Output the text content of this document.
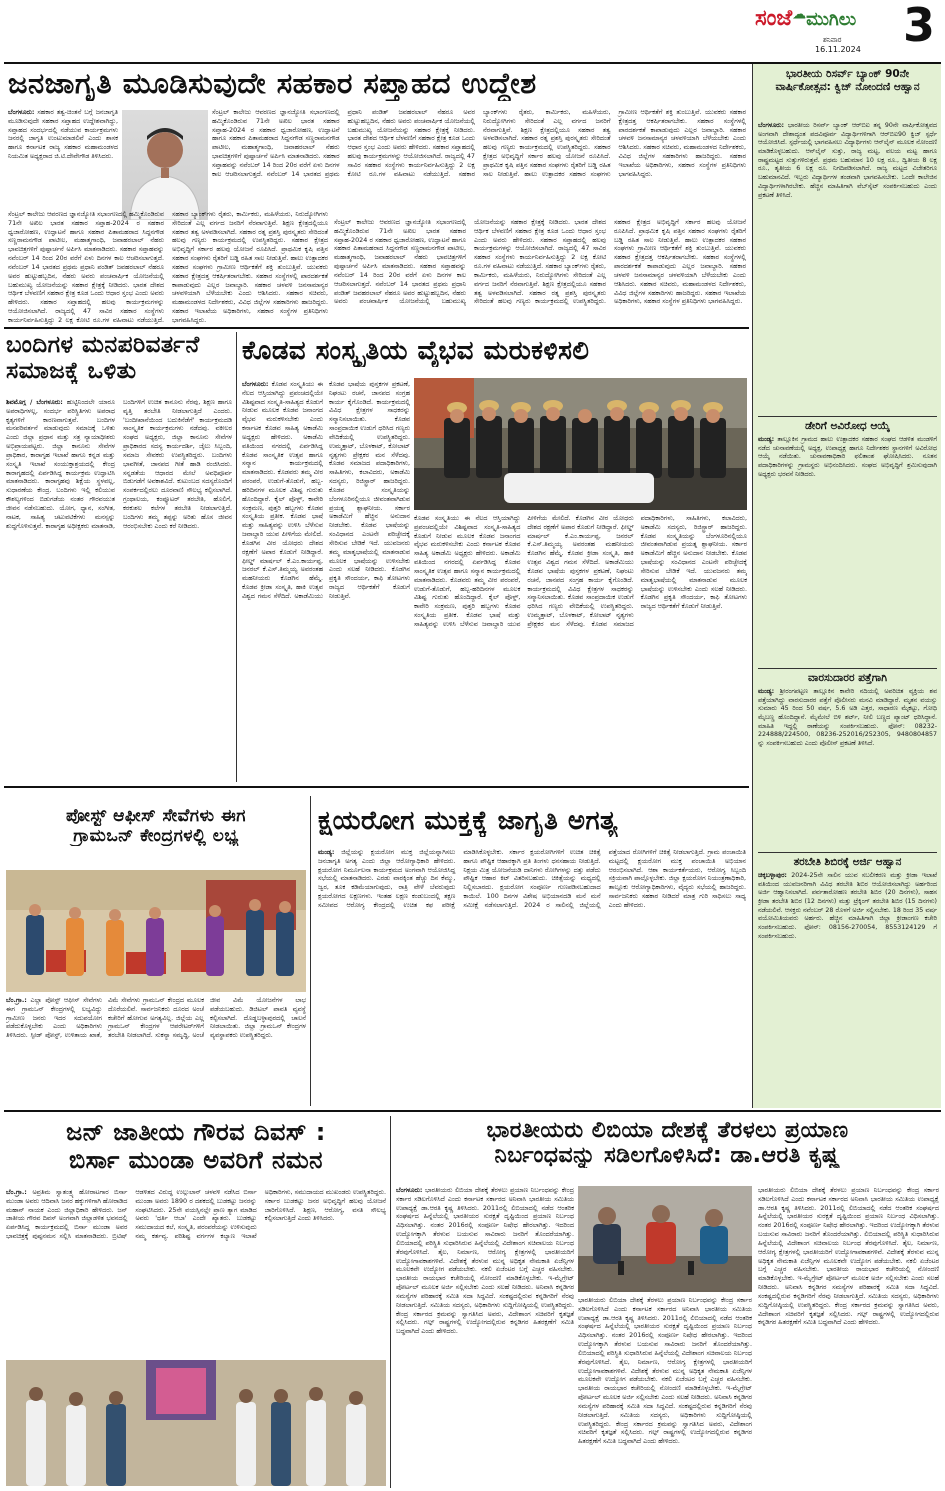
ಸಂಜೆ☁ಮುಗಿಲು
ಶನಿವಾರ
16.11.2024 3
ಜನಜಾಗೃತಿ ಮೂಡಿಸುವುದೇ ಸಹಕಾರ ಸಪ್ತಾಹದ ಉದ್ದೇಶ
ಬೆಂಗಳೂರು: ಸಹಕಾರ ತತ್ವ-ಚಿಂತನೆ ಬಗ್ಗೆ ಜನಜಾಗೃತಿ ಮೂಡಿಸುವುದೇ ಸಹಕಾರ ಸಪ್ತಾಹದ ಉದ್ದೇಶವಾಗಿದ್ದು, ಸಪ್ತಾಹದ ಸಂದರ್ಭದಲ್ಲಿ ನಡೆಯುವ ಕಾರ್ಯಕ್ರಮಗಳು ಜನರಲ್ಲಿ ಜಾಗೃತಿ ಉಂಟುಮಾಡಲಿವೆ ಎಂದು ಶಾಸಕ ಹಾಗೂ ಕರ್ನಾಟಕ ರಾಜ್ಯ ಸಹಕಾರ ಮಹಾಮಂಡಳದ ನಿಯಮಿತ ಅಧ್ಯಕ್ಷರಾದ ಜಿ.ಟಿ.ದೇವೇಗೌಡ ತಿಳಿಸಿದರು.
ಸೆಂಟ್ರಲ್ ಕಾಲೇಜು ಆವರಣದ ಜ್ಞಾನಜ್ಯೋತಿ ಸಭಾಂಗಣದಲ್ಲಿ ಹಮ್ಮಿಕೊಂಡಿರುವ 71ನೇ ಅಖಿಲ ಭಾರತ ಸಹಕಾರ ಸಪ್ತಾಹ-2024 ರ ಸಹಕಾರ ಧ್ವಜಾರೋಹಣ, ಉದ್ಘಾಟನೆ ಹಾಗೂ ಸಹಕಾರ ಪಿತಾಮಹರಾದ ಸಿದ್ದನಗೌಡ ಸಣ್ಣರಾಮನಗೌಡ ಪಾಟೀಲ, ಮಹಾತ್ಮಗಾಂಧಿ, ಜವಾಹರಲಾಲ್ ನೆಹರು ಭಾವಚಿತ್ರಗಳಿಗೆ ಪುಷ್ಪಾರ್ಚನೆ ಅರ್ಪಿಸಿ ಮಾತನಾಡಿದರು. ಸಹಕಾರ ಸಪ್ತಾಹವನ್ನು ನವೆಂಬರ್ 14 ರಿಂದ 20ರ ವರೆಗೆ ಏಳು ದಿನಗಳ ಕಾಲ ಆಚರಿಸಲಾಗುತ್ತದೆ. ನವೆಂಬರ್ 14 ಭಾರತದ ಪ್ರಥಮ ಪ್ರಧಾನಿ ಪಂಡಿತ್ ಜವಹರಲಾಲ್ ನೆಹರೂ ಅವರ ಹುಟ್ಟುಹಬ್ಬದಿನ, ನೆಹರು ಅವರು ಪಂಚವಾರ್ಷಿಕ ಯೋಜನೆಯಲ್ಲಿ ಬಹುಮುಖ್ಯ ಯೋಜನೆಯನ್ನು ಸಹಕಾರ ಕ್ಷೇತ್ರಕ್ಕೆ ನೀಡಿದರು. ಭಾರತ ದೇಶದ ಆರ್ಥಿಕ ಬೆಳವಣಿಗೆ ಸಹಕಾರ ಕ್ಷೇತ್ರ ಕೂಡ ಒಂದು ಆಧಾರ ಸ್ತಂಭ ಎಂದು ಅವರು ಹೇಳಿದರು. ಸಹಕಾರ ಸಪ್ತಾಹದಲ್ಲಿ ಹಲವು ಕಾರ್ಯಕ್ರಮಗಳನ್ನು ಆಯೋಜಿಸಲಾಗಿದೆ. ರಾಜ್ಯದಲ್ಲಿ 47 ಸಾವಿರ ಸಹಕಾರ ಸಂಸ್ಥೆಗಳು ಕಾರ್ಯನಿರ್ವಹಿಸುತ್ತಿದ್ದು 2 ಲಕ್ಷ ಕೋಟಿ ರೂ.ಗಳ ವಹಿವಾಟು ನಡೆಯುತ್ತಿದೆ. ಸಹಕಾರ ಬ್ಯಾಂಕ್‌ಗಳು ರೈತರು, ಕಾರ್ಮಿಕರು, ಮಹಿಳೆಯರು, ನಿರುದ್ಯೋಗಿಗಳು ಸೇರಿದಂತೆ ಎಲ್ಲ ವರ್ಗದ ಜನರಿಗೆ ನೆರವಾಗುತ್ತಿವೆ. ಶಿಕ್ಷಣ ಕ್ಷೇತ್ರದಲ್ಲಿಯೂ ಸಹಕಾರ ತತ್ವ ಅಳವಡಿಸಲಾಗಿದೆ. ಸಹಕಾರ ರತ್ನ ಪ್ರಶಸ್ತಿ ಪುರಸ್ಕೃತರು ಸೇರಿದಂತೆ ಹಲವು ಗಣ್ಯರು ಕಾರ್ಯಕ್ರಮದಲ್ಲಿ ಉಪಸ್ಥಿತರಿದ್ದರು. ಸಹಕಾರ ಕ್ಷೇತ್ರದ ಅಭಿವೃದ್ಧಿಗೆ ಸರ್ಕಾರ ಹಲವು ಯೋಜನೆ ರೂಪಿಸಿದೆ. ಪ್ರಾಥಮಿಕ ಕೃಷಿ ಪತ್ತಿನ ಸಹಕಾರ ಸಂಘಗಳು ರೈತರಿಗೆ ಬಡ್ಡಿ ರಹಿತ ಸಾಲ ನೀಡುತ್ತಿವೆ. ಹಾಲು ಉತ್ಪಾದಕರ ಸಹಕಾರ ಸಂಘಗಳು ಗ್ರಾಮೀಣ ಆರ್ಥಿಕತೆಗೆ ಶಕ್ತಿ ತುಂಬುತ್ತಿವೆ. ಯುವಕರು ಸಹಕಾರ ಕ್ಷೇತ್ರದತ್ತ ಆಕರ್ಷಿತರಾಗಬೇಕು. ಸಹಕಾರ ಸಂಸ್ಥೆಗಳಲ್ಲಿ ಪಾರದರ್ಶಕತೆ ಕಾಪಾಡುವುದು ಎಲ್ಲರ ಜವಾಬ್ದಾರಿ. ಸಹಕಾರ ಚಳವಳಿ ಜನಸಾಮಾನ್ಯರ ಚಳವಳಿಯಾಗಿ ಬೆಳೆಯಬೇಕು ಎಂದು ಆಶಿಸಿದರು. ಸಹಕಾರ ಸಚಿವರು, ಮಹಾಮಂಡಳದ ನಿರ್ದೇಶಕರು, ವಿವಿಧ ಜಿಲ್ಲೆಗಳ ಸಹಕಾರಿಗಳು ಹಾಜರಿದ್ದರು. ಸಹಕಾರ ಇಲಾಖೆಯ ಅಧಿಕಾರಿಗಳು, ಸಹಕಾರ ಸಂಸ್ಥೆಗಳ ಪ್ರತಿನಿಧಿಗಳು ಭಾಗವಹಿಸಿದ್ದರು.
ಸೆಂಟ್ರಲ್ ಕಾಲೇಜು ಆವರಣದ ಜ್ಞಾನಜ್ಯೋತಿ ಸಭಾಂಗಣದಲ್ಲಿ ಹಮ್ಮಿಕೊಂಡಿರುವ 71ನೇ ಅಖಿಲ ಭಾರತ ಸಹಕಾರ ಸಪ್ತಾಹ-2024 ರ ಸಹಕಾರ ಧ್ವಜಾರೋಹಣ, ಉದ್ಘಾಟನೆ ಹಾಗೂ ಸಹಕಾರ ಪಿತಾಮಹರಾದ ಸಿದ್ದನಗೌಡ ಸಣ್ಣರಾಮನಗೌಡ ಪಾಟೀಲ, ಮಹಾತ್ಮಗಾಂಧಿ, ಜವಾಹರಲಾಲ್ ನೆಹರು ಭಾವಚಿತ್ರಗಳಿಗೆ ಪುಷ್ಪಾರ್ಚನೆ ಅರ್ಪಿಸಿ ಮಾತನಾಡಿದರು. ಸಹಕಾರ ಸಪ್ತಾಹವನ್ನು ನವೆಂಬರ್ 14 ರಿಂದ 20ರ ವರೆಗೆ ಏಳು ದಿನಗಳ ಕಾಲ ಆಚರಿಸಲಾಗುತ್ತದೆ. ನವೆಂಬರ್ 14 ಭಾರತದ ಪ್ರಥಮ ಪ್ರಧಾನಿ ಪಂಡಿತ್ ಜವಹರಲಾಲ್ ನೆಹರೂ ಅವರ ಹುಟ್ಟುಹಬ್ಬದಿನ, ನೆಹರು ಅವರು ಪಂಚವಾರ್ಷಿಕ ಯೋಜನೆಯಲ್ಲಿ ಬಹುಮುಖ್ಯ ಯೋಜನೆಯನ್ನು ಸಹಕಾರ ಕ್ಷೇತ್ರಕ್ಕೆ ನೀಡಿದರು. ಭಾರತ ದೇಶದ ಆರ್ಥಿಕ ಬೆಳವಣಿಗೆ ಸಹಕಾರ ಕ್ಷೇತ್ರ ಕೂಡ ಒಂದು ಆಧಾರ ಸ್ತಂಭ ಎಂದು ಅವರು ಹೇಳಿದರು. ಸಹಕಾರ ಸಪ್ತಾಹದಲ್ಲಿ ಹಲವು ಕಾರ್ಯಕ್ರಮಗಳನ್ನು ಆಯೋಜಿಸಲಾಗಿದೆ. ರಾಜ್ಯದಲ್ಲಿ 47 ಸಾವಿರ ಸಹಕಾರ ಸಂಸ್ಥೆಗಳು ಕಾರ್ಯನಿರ್ವಹಿಸುತ್ತಿದ್ದು 2 ಲಕ್ಷ ಕೋಟಿ ರೂ.ಗಳ ವಹಿವಾಟು ನಡೆಯುತ್ತಿದೆ. ಸಹಕಾರ ಬ್ಯಾಂಕ್‌ಗಳು ರೈತರು, ಕಾರ್ಮಿಕರು, ಮಹಿಳೆಯರು, ನಿರುದ್ಯೋಗಿಗಳು ಸೇರಿದಂತೆ ಎಲ್ಲ ವರ್ಗದ ಜನರಿಗೆ ನೆರವಾಗುತ್ತಿವೆ. ಶಿಕ್ಷಣ ಕ್ಷೇತ್ರದಲ್ಲಿಯೂ ಸಹಕಾರ ತತ್ವ ಅಳವಡಿಸಲಾಗಿದೆ. ಸಹಕಾರ ರತ್ನ ಪ್ರಶಸ್ತಿ ಪುರಸ್ಕೃತರು ಸೇರಿದಂತೆ ಹಲವು ಗಣ್ಯರು ಕಾರ್ಯಕ್ರಮದಲ್ಲಿ ಉಪಸ್ಥಿತರಿದ್ದರು. ಸಹಕಾರ ಕ್ಷೇತ್ರದ ಅಭಿವೃದ್ಧಿಗೆ ಸರ್ಕಾರ ಹಲವು ಯೋಜನೆ ರೂಪಿಸಿದೆ. ಪ್ರಾಥಮಿಕ ಕೃಷಿ ಪತ್ತಿನ ಸಹಕಾರ ಸಂಘಗಳು ರೈತರಿಗೆ ಬಡ್ಡಿ ರಹಿತ ಸಾಲ ನೀಡುತ್ತಿವೆ. ಹಾಲು ಉತ್ಪಾದಕರ ಸಹಕಾರ ಸಂಘಗಳು ಗ್ರಾಮೀಣ ಆರ್ಥಿಕತೆಗೆ ಶಕ್ತಿ ತುಂಬುತ್ತಿವೆ. ಯುವಕರು ಸಹಕಾರ ಕ್ಷೇತ್ರದತ್ತ ಆಕರ್ಷಿತರಾಗಬೇಕು. ಸಹಕಾರ ಸಂಸ್ಥೆಗಳಲ್ಲಿ ಪಾರದರ್ಶಕತೆ ಕಾಪಾಡುವುದು ಎಲ್ಲರ ಜವಾಬ್ದಾರಿ. ಸಹಕಾರ ಚಳವಳಿ ಜನಸಾಮಾನ್ಯರ ಚಳವಳಿಯಾಗಿ ಬೆಳೆಯಬೇಕು ಎಂದು ಆಶಿಸಿದರು. ಸಹಕಾರ ಸಚಿವರು, ಮಹಾಮಂಡಳದ ನಿರ್ದೇಶಕರು, ವಿವಿಧ ಜಿಲ್ಲೆಗಳ ಸಹಕಾರಿಗಳು ಹಾಜರಿದ್ದರು. ಸಹಕಾರ ಇಲಾಖೆಯ ಅಧಿಕಾರಿಗಳು, ಸಹಕಾರ ಸಂಸ್ಥೆಗಳ ಪ್ರತಿನಿಧಿಗಳು ಭಾಗವಹಿಸಿದ್ದರು.
ಸೆಂಟ್ರಲ್ ಕಾಲೇಜು ಆವರಣದ ಜ್ಞಾನಜ್ಯೋತಿ ಸಭಾಂಗಣದಲ್ಲಿ ಹಮ್ಮಿಕೊಂಡಿರುವ 71ನೇ ಅಖಿಲ ಭಾರತ ಸಹಕಾರ ಸಪ್ತಾಹ-2024 ರ ಸಹಕಾರ ಧ್ವಜಾರೋಹಣ, ಉದ್ಘಾಟನೆ ಹಾಗೂ ಸಹಕಾರ ಪಿತಾಮಹರಾದ ಸಿದ್ದನಗೌಡ ಸಣ್ಣರಾಮನಗೌಡ ಪಾಟೀಲ, ಮಹಾತ್ಮಗಾಂಧಿ, ಜವಾಹರಲಾಲ್ ನೆಹರು ಭಾವಚಿತ್ರಗಳಿಗೆ ಪುಷ್ಪಾರ್ಚನೆ ಅರ್ಪಿಸಿ ಮಾತನಾಡಿದರು. ಸಹಕಾರ ಸಪ್ತಾಹವನ್ನು ನವೆಂಬರ್ 14 ರಿಂದ 20ರ ವರೆಗೆ ಏಳು ದಿನಗಳ ಕಾಲ ಆಚರಿಸಲಾಗುತ್ತದೆ. ನವೆಂಬರ್ 14 ಭಾರತದ ಪ್ರಥಮ ಪ್ರಧಾನಿ ಪಂಡಿತ್ ಜವಹರಲಾಲ್ ನೆಹರೂ ಅವರ ಹುಟ್ಟುಹಬ್ಬದಿನ, ನೆಹರು ಅವರು ಪಂಚವಾರ್ಷಿಕ ಯೋಜನೆಯಲ್ಲಿ ಬಹುಮುಖ್ಯ ಯೋಜನೆಯನ್ನು ಸಹಕಾರ ಕ್ಷೇತ್ರಕ್ಕೆ ನೀಡಿದರು. ಭಾರತ ದೇಶದ ಆರ್ಥಿಕ ಬೆಳವಣಿಗೆ ಸಹಕಾರ ಕ್ಷೇತ್ರ ಕೂಡ ಒಂದು ಆಧಾರ ಸ್ತಂಭ ಎಂದು ಅವರು ಹೇಳಿದರು. ಸಹಕಾರ ಸಪ್ತಾಹದಲ್ಲಿ ಹಲವು ಕಾರ್ಯಕ್ರಮಗಳನ್ನು ಆಯೋಜಿಸಲಾಗಿದೆ. ರಾಜ್ಯದಲ್ಲಿ 47 ಸಾವಿರ ಸಹಕಾರ ಸಂಸ್ಥೆಗಳು ಕಾರ್ಯನಿರ್ವಹಿಸುತ್ತಿದ್ದು 2 ಲಕ್ಷ ಕೋಟಿ ರೂ.ಗಳ ವಹಿವಾಟು ನಡೆಯುತ್ತಿದೆ. ಸಹಕಾರ ಬ್ಯಾಂಕ್‌ಗಳು ರೈತರು, ಕಾರ್ಮಿಕರು, ಮಹಿಳೆಯರು, ನಿರುದ್ಯೋಗಿಗಳು ಸೇರಿದಂತೆ ಎಲ್ಲ ವರ್ಗದ ಜನರಿಗೆ ನೆರವಾಗುತ್ತಿವೆ. ಶಿಕ್ಷಣ ಕ್ಷೇತ್ರದಲ್ಲಿಯೂ ಸಹಕಾರ ತತ್ವ ಅಳವಡಿಸಲಾಗಿದೆ. ಸಹಕಾರ ರತ್ನ ಪ್ರಶಸ್ತಿ ಪುರಸ್ಕೃತರು ಸೇರಿದಂತೆ ಹಲವು ಗಣ್ಯರು ಕಾರ್ಯಕ್ರಮದಲ್ಲಿ ಉಪಸ್ಥಿತರಿದ್ದರು. ಸಹಕಾರ ಕ್ಷೇತ್ರದ ಅಭಿವೃದ್ಧಿಗೆ ಸರ್ಕಾರ ಹಲವು ಯೋಜನೆ ರೂಪಿಸಿದೆ. ಪ್ರಾಥಮಿಕ ಕೃಷಿ ಪತ್ತಿನ ಸಹಕಾರ ಸಂಘಗಳು ರೈತರಿಗೆ ಬಡ್ಡಿ ರಹಿತ ಸಾಲ ನೀಡುತ್ತಿವೆ. ಹಾಲು ಉತ್ಪಾದಕರ ಸಹಕಾರ ಸಂಘಗಳು ಗ್ರಾಮೀಣ ಆರ್ಥಿಕತೆಗೆ ಶಕ್ತಿ ತುಂಬುತ್ತಿವೆ. ಯುವಕರು ಸಹಕಾರ ಕ್ಷೇತ್ರದತ್ತ ಆಕರ್ಷಿತರಾಗಬೇಕು. ಸಹಕಾರ ಸಂಸ್ಥೆಗಳಲ್ಲಿ ಪಾರದರ್ಶಕತೆ ಕಾಪಾಡುವುದು ಎಲ್ಲರ ಜವಾಬ್ದಾರಿ. ಸಹಕಾರ ಚಳವಳಿ ಜನಸಾಮಾನ್ಯರ ಚಳವಳಿಯಾಗಿ ಬೆಳೆಯಬೇಕು ಎಂದು ಆಶಿಸಿದರು. ಸಹಕಾರ ಸಚಿವರು, ಮಹಾಮಂಡಳದ ನಿರ್ದೇಶಕರು, ವಿವಿಧ ಜಿಲ್ಲೆಗಳ ಸಹಕಾರಿಗಳು ಹಾಜರಿದ್ದರು. ಸಹಕಾರ ಇಲಾಖೆಯ ಅಧಿಕಾರಿಗಳು, ಸಹಕಾರ ಸಂಸ್ಥೆಗಳ ಪ್ರತಿನಿಧಿಗಳು ಭಾಗವಹಿಸಿದ್ದರು.
ಬಂದಿಗಳ ಮನಪರಿವರ್ತನೆ
ಸಮಾಜಕ್ಕೆ ಒಳಿತು
ಶಿವಮೊಗ್ಗ / ಬೆಂಗಳೂರು: ಹುಟ್ಟಿನಿಂದಲೇ ಯಾರೂ ಅಪರಾಧಿಗಳಲ್ಲ, ಸಂದರ್ಭ ಪರಿಸ್ಥಿತಿಗಳು ಅಪರಾಧ ಕೃತ್ಯಗಳಿಗೆ ಕಾರಣವಾಗುತ್ತವೆ. ಬಂದಿಗಳ ಮನಪರಿವರ್ತನೆ ಮಾಡುವುದು ಸಮಾಜಕ್ಕೆ ಒಳಿತು ಎಂದು ಜಿಲ್ಲಾ ಪ್ರಧಾನ ಮತ್ತು ಸತ್ರ ನ್ಯಾಯಾಧೀಶರು ಅಭಿಪ್ರಾಯಪಟ್ಟರು. ಜಿಲ್ಲಾ ಕಾನೂನು ಸೇವೆಗಳ ಪ್ರಾಧಿಕಾರ, ಕಾರಾಗೃಹ ಇಲಾಖೆ ಹಾಗೂ ಕನ್ನಡ ಮತ್ತು ಸಂಸ್ಕೃತಿ ಇಲಾಖೆ ಸಂಯುಕ್ತಾಶ್ರಯದಲ್ಲಿ ಕೇಂದ್ರ ಕಾರಾಗೃಹದಲ್ಲಿ ಏರ್ಪಡಿಸಿದ್ದ ಕಾರ್ಯಕ್ರಮ ಉದ್ಘಾಟಿಸಿ ಮಾತನಾಡಿದರು. ಕಾರಾಗೃಹವು ಶಿಕ್ಷೆಯ ಸ್ಥಳವಲ್ಲ, ಸುಧಾರಣೆಯ ಕೇಂದ್ರ. ಬಂದಿಗಳು ಇಲ್ಲಿ ಕಲಿಯುವ ಕೌಶಲ್ಯಗಳಿಂದ ಬಿಡುಗಡೆಯ ನಂತರ ಗೌರವಯುತ ಜೀವನ ನಡೆಸಬಹುದು. ಯೋಗ, ಧ್ಯಾನ, ಸಂಗೀತ, ನಾಟಕ, ಸಾಹಿತ್ಯ ಚಟುವಟಿಕೆಗಳು ಮನಸ್ಸನ್ನು ಶುದ್ಧಗೊಳಿಸುತ್ತವೆ. ಕಾರಾಗೃಹ ಅಧೀಕ್ಷಕರು ಮಾತನಾಡಿ, ಬಂದಿಗಳಿಗೆ ಉಚಿತ ಕಾನೂನು ನೆರವು, ಶಿಕ್ಷಣ ಹಾಗೂ ವೃತ್ತಿ ತರಬೇತಿ ನೀಡಲಾಗುತ್ತಿದೆ ಎಂದರು. 'ಬಂದೀಖಾನೆಯಿಂದ ಬದುಕಿನೆಡೆಗೆ' ಕಾರ್ಯಕ್ರಮದಡಿ ಸಾಂಸ್ಕೃತಿಕ ಕಾರ್ಯಕ್ರಮಗಳು ನಡೆದವು. ವಕೀಲರ ಸಂಘದ ಅಧ್ಯಕ್ಷರು, ಜಿಲ್ಲಾ ಕಾನೂನು ಸೇವೆಗಳ ಪ್ರಾಧಿಕಾರದ ಸದಸ್ಯ ಕಾರ್ಯದರ್ಶಿ, ಜೈಲು ಸಿಬ್ಬಂದಿ, ಸಮಾಜ ಸೇವಕರು ಉಪಸ್ಥಿತರಿದ್ದರು. ಬಂದಿಗಳು ಭಾವಗೀತೆ, ಜಾನಪದ ಗೀತೆ ಹಾಡಿ ರಂಜಿಸಿದರು. ಸನ್ನಡತೆಯ ಆಧಾರದ ಮೇಲೆ ಅವಧಿಪೂರ್ವ ಬಿಡುಗಡೆಗೆ ಅವಕಾಶವಿದೆ. ಕುಟುಂಬದ ಸದಸ್ಯರೊಂದಿಗೆ ಸಂಪರ್ಕದಲ್ಲಿರಲು ದೂರವಾಣಿ ಸೌಲಭ್ಯ ಕಲ್ಪಿಸಲಾಗಿದೆ. ಗ್ರಂಥಾಲಯ, ಕಂಪ್ಯೂಟರ್ ತರಬೇತಿ, ಹೊಲಿಗೆ, ಕರಕುಶಲ ಕಲೆಗಳ ತರಬೇತಿ ನೀಡಲಾಗುತ್ತಿದೆ. ಬಂದಿಗಳು ತಮ್ಮ ತಪ್ಪನ್ನು ಅರಿತು ಹೊಸ ಜೀವನ ಆರಂಭಿಸಬೇಕು ಎಂದು ಕರೆ ನೀಡಿದರು.
ಕೊಡವ ಸಂಸ್ಕೃತಿಯ ವೈಭವ ಮರುಕಳಿಸಲಿ
ಬೆಂಗಳೂರು: ಕೊಡವ ಸಂಸ್ಕೃತಿಯು ಈ ನೆಲದ ಆಸ್ತಿಯಾಗಿದ್ದು ಪ್ರಪಂಚದಲ್ಲಿಯೇ ವಿಶಿಷ್ಟವಾದ ಸಂಸ್ಕೃತಿ-ಸಾಹಿತ್ಯದ ಕೊಡುಗೆ ನೀಡುವ ಮೂಲಕ ಕೊಡವ ಜನಾಂಗದ ವೈಭವ ಮರುಕಳಿಸಬೇಕು ಎಂದು ಕರ್ನಾಟಕ ಕೊಡವ ಸಾಹಿತ್ಯ ಅಕಾಡೆಮಿ ಅಧ್ಯಕ್ಷರು ಹೇಳಿದರು. ಅಕಾಡೆಮಿ ವತಿಯಿಂದ ನಗರದಲ್ಲಿ ಏರ್ಪಡಿಸಿದ್ದ ಕೊಡವ ಸಾಂಸ್ಕೃತಿಕ ಉತ್ಸವ ಹಾಗೂ ಸನ್ಮಾನ ಕಾರ್ಯಕ್ರಮದಲ್ಲಿ ಮಾತನಾಡಿದರು. ಕೊಡವರು ತಮ್ಮ ವೀರ ಪರಂಪರೆ, ಉಡುಗೆ-ತೊಡುಗೆ, ಹಬ್ಬ-ಹರಿದಿನಗಳ ಮೂಲಕ ವಿಶಿಷ್ಟ ಗುರುತು ಹೊಂದಿದ್ದಾರೆ. ಕೈಲ್ ಪೊಳ್ದ್, ಕಾವೇರಿ ಸಂಕ್ರಮಣ, ಪುತ್ತರಿ ಹಬ್ಬಗಳು ಕೊಡವ ಸಂಸ್ಕೃತಿಯ ಪ್ರತೀಕ. ಕೊಡವ ಭಾಷೆ ಮತ್ತು ಸಾಹಿತ್ಯವನ್ನು ಉಳಿಸಿ ಬೆಳೆಸುವ ಜವಾಬ್ದಾರಿ ಯುವ ಪೀಳಿಗೆಯ ಮೇಲಿದೆ. ಕೊಡಗಿನ ವೀರ ಯೋಧರು ದೇಶದ ರಕ್ಷಣೆಗೆ ಅಪಾರ ಕೊಡುಗೆ ನೀಡಿದ್ದಾರೆ. ಫೀಲ್ಡ್ ಮಾರ್ಷಲ್ ಕೆ.ಎಂ.ಕಾರ್ಯಪ್ಪ, ಜನರಲ್ ಕೆ.ಎಸ್.ತಿಮ್ಮಯ್ಯ ಅವರಂತಹ ಮಹನೀಯರು ಕೊಡಗಿನ ಹೆಮ್ಮೆ. ಕೊಡವ ಕ್ರೀಡಾ ಸಂಸ್ಕೃತಿ, ಹಾಕಿ ಉತ್ಸವ ವಿಶ್ವದ ಗಮನ ಸೆಳೆದಿದೆ. ಅಕಾಡೆಮಿಯು ಕೊಡವ ಭಾಷೆಯ ಪುಸ್ತಕಗಳ ಪ್ರಕಟಣೆ, ನಿಘಂಟು ರಚನೆ, ಜಾನಪದ ಸಂಗ್ರಹ ಕಾರ್ಯ ಕೈಗೊಂಡಿದೆ. ಕಾರ್ಯಕ್ರಮದಲ್ಲಿ ವಿವಿಧ ಕ್ಷೇತ್ರಗಳ ಸಾಧಕರನ್ನು ಸನ್ಮಾನಿಸಲಾಯಿತು. ಕೊಡವ ಸಾಂಪ್ರದಾಯಿಕ ಉಡುಗೆ ಧರಿಸಿದ ಗಣ್ಯರು ವೇದಿಕೆಯಲ್ಲಿ ಉಪಸ್ಥಿತರಿದ್ದರು. ಉಮ್ಮತ್ತಾಟ್, ಬೊಳಕಾಟ್, ಕೋಲಾಟ್ ನೃತ್ಯಗಳು ಪ್ರೇಕ್ಷಕರ ಮನ ಸೆಳೆದವು. ಕೊಡವ ಸಮಾಜದ ಪದಾಧಿಕಾರಿಗಳು, ಸಾಹಿತಿಗಳು, ಕಲಾವಿದರು, ಅಕಾಡೆಮಿ ಸದಸ್ಯರು, ರಿಜಿಸ್ಟ್ರಾರ್ ಹಾಜರಿದ್ದರು. ಕೊಡವ ಸಂಸ್ಕೃತಿಯನ್ನು ಬೆಂಗಳೂರಿನಲ್ಲಿಯೂ ಜೀವಂತವಾಗಿಡುವ ಪ್ರಯತ್ನ ಶ್ಲಾಘನೀಯ. ಸರ್ಕಾರ ಅಕಾಡೆಮಿಗೆ ಹೆಚ್ಚಿನ ಅನುದಾನ ನೀಡಬೇಕು. ಕೊಡವ ಭಾಷೆಯನ್ನು ಸಂವಿಧಾನದ ಎಂಟನೇ ಪರಿಚ್ಛೇದಕ್ಕೆ ಸೇರಿಸುವ ಬೇಡಿಕೆ ಇದೆ. ಯುವಜನರು ತಮ್ಮ ಮಾತೃಭಾಷೆಯಲ್ಲಿ ಮಾತನಾಡುವ ಮೂಲಕ ಭಾಷೆಯನ್ನು ಉಳಿಸಬೇಕು ಎಂದು ಸಲಹೆ ನೀಡಿದರು. ಕೊಡಗಿನ ಪ್ರಕೃತಿ ಸೌಂದರ್ಯ, ಕಾಫಿ ತೋಟಗಳು ರಾಜ್ಯದ ಆರ್ಥಿಕತೆಗೆ ಕೊಡುಗೆ ನೀಡುತ್ತಿವೆ.
ಕೊಡವ ಸಂಸ್ಕೃತಿಯು ಈ ನೆಲದ ಆಸ್ತಿಯಾಗಿದ್ದು ಪ್ರಪಂಚದಲ್ಲಿಯೇ ವಿಶಿಷ್ಟವಾದ ಸಂಸ್ಕೃತಿ-ಸಾಹಿತ್ಯದ ಕೊಡುಗೆ ನೀಡುವ ಮೂಲಕ ಕೊಡವ ಜನಾಂಗದ ವೈಭವ ಮರುಕಳಿಸಬೇಕು ಎಂದು ಕರ್ನಾಟಕ ಕೊಡವ ಸಾಹಿತ್ಯ ಅಕಾಡೆಮಿ ಅಧ್ಯಕ್ಷರು ಹೇಳಿದರು. ಅಕಾಡೆಮಿ ವತಿಯಿಂದ ನಗರದಲ್ಲಿ ಏರ್ಪಡಿಸಿದ್ದ ಕೊಡವ ಸಾಂಸ್ಕೃತಿಕ ಉತ್ಸವ ಹಾಗೂ ಸನ್ಮಾನ ಕಾರ್ಯಕ್ರಮದಲ್ಲಿ ಮಾತನಾಡಿದರು. ಕೊಡವರು ತಮ್ಮ ವೀರ ಪರಂಪರೆ, ಉಡುಗೆ-ತೊಡುಗೆ, ಹಬ್ಬ-ಹರಿದಿನಗಳ ಮೂಲಕ ವಿಶಿಷ್ಟ ಗುರುತು ಹೊಂದಿದ್ದಾರೆ. ಕೈಲ್ ಪೊಳ್ದ್, ಕಾವೇರಿ ಸಂಕ್ರಮಣ, ಪುತ್ತರಿ ಹಬ್ಬಗಳು ಕೊಡವ ಸಂಸ್ಕೃತಿಯ ಪ್ರತೀಕ. ಕೊಡವ ಭಾಷೆ ಮತ್ತು ಸಾಹಿತ್ಯವನ್ನು ಉಳಿಸಿ ಬೆಳೆಸುವ ಜವಾಬ್ದಾರಿ ಯುವ ಪೀಳಿಗೆಯ ಮೇಲಿದೆ. ಕೊಡಗಿನ ವೀರ ಯೋಧರು ದೇಶದ ರಕ್ಷಣೆಗೆ ಅಪಾರ ಕೊಡುಗೆ ನೀಡಿದ್ದಾರೆ. ಫೀಲ್ಡ್ ಮಾರ್ಷಲ್ ಕೆ.ಎಂ.ಕಾರ್ಯಪ್ಪ, ಜನರಲ್ ಕೆ.ಎಸ್.ತಿಮ್ಮಯ್ಯ ಅವರಂತಹ ಮಹನೀಯರು ಕೊಡಗಿನ ಹೆಮ್ಮೆ. ಕೊಡವ ಕ್ರೀಡಾ ಸಂಸ್ಕೃತಿ, ಹಾಕಿ ಉತ್ಸವ ವಿಶ್ವದ ಗಮನ ಸೆಳೆದಿದೆ. ಅಕಾಡೆಮಿಯು ಕೊಡವ ಭಾಷೆಯ ಪುಸ್ತಕಗಳ ಪ್ರಕಟಣೆ, ನಿಘಂಟು ರಚನೆ, ಜಾನಪದ ಸಂಗ್ರಹ ಕಾರ್ಯ ಕೈಗೊಂಡಿದೆ. ಕಾರ್ಯಕ್ರಮದಲ್ಲಿ ವಿವಿಧ ಕ್ಷೇತ್ರಗಳ ಸಾಧಕರನ್ನು ಸನ್ಮಾನಿಸಲಾಯಿತು. ಕೊಡವ ಸಾಂಪ್ರದಾಯಿಕ ಉಡುಗೆ ಧರಿಸಿದ ಗಣ್ಯರು ವೇದಿಕೆಯಲ್ಲಿ ಉಪಸ್ಥಿತರಿದ್ದರು. ಉಮ್ಮತ್ತಾಟ್, ಬೊಳಕಾಟ್, ಕೋಲಾಟ್ ನೃತ್ಯಗಳು ಪ್ರೇಕ್ಷಕರ ಮನ ಸೆಳೆದವು. ಕೊಡವ ಸಮಾಜದ ಪದಾಧಿಕಾರಿಗಳು, ಸಾಹಿತಿಗಳು, ಕಲಾವಿದರು, ಅಕಾಡೆಮಿ ಸದಸ್ಯರು, ರಿಜಿಸ್ಟ್ರಾರ್ ಹಾಜರಿದ್ದರು. ಕೊಡವ ಸಂಸ್ಕೃತಿಯನ್ನು ಬೆಂಗಳೂರಿನಲ್ಲಿಯೂ ಜೀವಂತವಾಗಿಡುವ ಪ್ರಯತ್ನ ಶ್ಲಾಘನೀಯ. ಸರ್ಕಾರ ಅಕಾಡೆಮಿಗೆ ಹೆಚ್ಚಿನ ಅನುದಾನ ನೀಡಬೇಕು. ಕೊಡವ ಭಾಷೆಯನ್ನು ಸಂವಿಧಾನದ ಎಂಟನೇ ಪರಿಚ್ಛೇದಕ್ಕೆ ಸೇರಿಸುವ ಬೇಡಿಕೆ ಇದೆ. ಯುವಜನರು ತಮ್ಮ ಮಾತೃಭಾಷೆಯಲ್ಲಿ ಮಾತನಾಡುವ ಮೂಲಕ ಭಾಷೆಯನ್ನು ಉಳಿಸಬೇಕು ಎಂದು ಸಲಹೆ ನೀಡಿದರು. ಕೊಡಗಿನ ಪ್ರಕೃತಿ ಸೌಂದರ್ಯ, ಕಾಫಿ ತೋಟಗಳು ರಾಜ್ಯದ ಆರ್ಥಿಕತೆಗೆ ಕೊಡುಗೆ ನೀಡುತ್ತಿವೆ.
ಪೋಸ್ಟ್ ಆಫೀಸ್ ಸೇವೆಗಳು ಈಗ
ಗ್ರಾಮಒನ್ ಕೇಂದ್ರಗಳಲ್ಲಿ ಲಭ್ಯ
ಬೆಂ.ಗ್ರಾ.: ಎಲ್ಲಾ ಪೋಸ್ಟ್ ಆಫೀಸ್ ಸೇವೆಗಳು ಈಗ ಗ್ರಾಮಒನ್ ಕೇಂದ್ರಗಳಲ್ಲಿ ಲಭ್ಯವಿದ್ದು ಗ್ರಾಮೀಣ ಜನರು ಇದರ ಸದುಪಯೋಗ ಪಡೆದುಕೊಳ್ಳಬೇಕು ಎಂದು ಅಧಿಕಾರಿಗಳು ತಿಳಿಸಿದರು. ಸ್ಪೀಡ್ ಪೋಸ್ಟ್, ಉಳಿತಾಯ ಖಾತೆ, ವಿಮೆ ಸೇವೆಗಳು ಗ್ರಾಮಒನ್ ಕೇಂದ್ರದ ಮೂಲಕ ದೊರೆಯಲಿವೆ. ಸಾರ್ವಜನಿಕರು ದೂರದ ಅಂಚೆ ಕಚೇರಿಗೆ ಹೋಗುವ ಅಗತ್ಯವಿಲ್ಲ. ಜಿಲ್ಲೆಯ ಎಲ್ಲ ಗ್ರಾಮಒನ್ ಕೇಂದ್ರಗಳ ಆಪರೇಟರ್‌ಗಳಿಗೆ ತರಬೇತಿ ನೀಡಲಾಗಿದೆ. ಸುಕನ್ಯಾ ಸಮೃದ್ಧಿ, ಅಂಚೆ ಜೀವ ವಿಮೆ ಯೋಜನೆಗಳ ಲಾಭ ಪಡೆಯಬಹುದು. ಡಿಜಿಟಲ್ ಪಾವತಿ ವ್ಯವಸ್ಥೆ ಕಲ್ಪಿಸಲಾಗಿದೆ. ದೊಡ್ಡಬಳ್ಳಾಪುರದಲ್ಲಿ ಚಾಲನೆ ನೀಡಲಾಯಿತು. ಜಿಲ್ಲಾ ಗ್ರಾಮಒನ್ ಕೇಂದ್ರಗಳ ವ್ಯವಸ್ಥಾಪಕರು ಉಪಸ್ಥಿತರಿದ್ದರು.
ಕ್ಷಯರೋಗ ಮುಕ್ತಕ್ಕೆ ಜಾಗೃತಿ ಅಗತ್ಯ
ಮಂಡ್ಯ: ಜಿಲ್ಲೆಯನ್ನು ಕ್ಷಯರೋಗ ಮುಕ್ತ ಜಿಲ್ಲೆಯನ್ನಾಗಿಸಲು ಜನಜಾಗೃತಿ ಅಗತ್ಯ ಎಂದು ಜಿಲ್ಲಾ ಆರೋಗ್ಯಾಧಿಕಾರಿ ಹೇಳಿದರು. ಕ್ಷಯರೋಗ ನಿರ್ಮೂಲನಾ ಕಾರ್ಯಕ್ರಮದ ಅಂಗವಾಗಿ ಆಯೋಜಿಸಿದ್ದ ಸಭೆಯಲ್ಲಿ ಮಾತನಾಡಿದರು. ಎರಡು ವಾರಕ್ಕಿಂತ ಹೆಚ್ಚು ದಿನ ಕೆಮ್ಮು, ಜ್ವರ, ತೂಕ ಕಡಿಮೆಯಾಗುವುದು, ರಾತ್ರಿ ವೇಳೆ ಬೆವರುವುದು ಕ್ಷಯರೋಗದ ಲಕ್ಷಣಗಳು. ಇಂತಹ ಲಕ್ಷಣ ಕಂಡುಬಂದಲ್ಲಿ ತಕ್ಷಣ ಸಮೀಪದ ಆರೋಗ್ಯ ಕೇಂದ್ರದಲ್ಲಿ ಉಚಿತ ಕಫ ಪರೀಕ್ಷೆ ಮಾಡಿಸಿಕೊಳ್ಳಬೇಕು. ಸರ್ಕಾರ ಕ್ಷಯರೋಗಿಗಳಿಗೆ ಉಚಿತ ಚಿಕಿತ್ಸೆ ಹಾಗೂ ಪೌಷ್ಟಿಕ ಆಹಾರಕ್ಕಾಗಿ ಪ್ರತಿ ತಿಂಗಳು ಧನಸಹಾಯ ನೀಡುತ್ತಿದೆ. ನಿಕ್ಷಯ ಮಿತ್ರ ಯೋಜನೆಯಡಿ ದಾನಿಗಳು ರೋಗಿಗಳನ್ನು ದತ್ತು ಪಡೆದು ಪೌಷ್ಟಿಕ ಆಹಾರ ಕಿಟ್ ವಿತರಿಸಬಹುದು. ಚಿಕಿತ್ಸೆಯನ್ನು ಮಧ್ಯದಲ್ಲಿ ನಿಲ್ಲಿಸಬಾರದು. ಕ್ಷಯರೋಗ ಸಂಪೂರ್ಣ ಗುಣಪಡಿಸಬಹುದಾದ ಕಾಯಿಲೆ. 100 ದಿನಗಳ ವಿಶೇಷ ಅಭಿಯಾನದಡಿ ಮನೆ ಮನೆ ಸಮೀಕ್ಷೆ ನಡೆಸಲಾಗುತ್ತಿದೆ. 2024 ರ ಸಾಲಿನಲ್ಲಿ ಜಿಲ್ಲೆಯಲ್ಲಿ ಪತ್ತೆಯಾದ ರೋಗಿಗಳಿಗೆ ಚಿಕಿತ್ಸೆ ನೀಡಲಾಗುತ್ತಿದೆ. ಗ್ರಾಮ ಪಂಚಾಯಿತಿ ಮಟ್ಟದಲ್ಲಿ ಕ್ಷಯರೋಗ ಮುಕ್ತ ಪಂಚಾಯಿತಿ ಅಭಿಯಾನ ಆರಂಭಿಸಲಾಗಿದೆ. ಆಶಾ ಕಾರ್ಯಕರ್ತೆಯರು, ಆರೋಗ್ಯ ಸಿಬ್ಬಂದಿ ಸಕ್ರಿಯವಾಗಿ ಪಾಲ್ಗೊಳ್ಳಬೇಕು. ಜಿಲ್ಲಾ ಕ್ಷಯರೋಗ ನಿಯಂತ್ರಣಾಧಿಕಾರಿ, ತಾಲ್ಲೂಕು ಆರೋಗ್ಯಾಧಿಕಾರಿಗಳು, ವೈದ್ಯರು ಸಭೆಯಲ್ಲಿ ಹಾಜರಿದ್ದರು. ಸಾರ್ವಜನಿಕರು ಸಹಕಾರ ನೀಡಿದರೆ ಮಾತ್ರ ಗುರಿ ಸಾಧಿಸಲು ಸಾಧ್ಯ ಎಂದು ಹೇಳಿದರು.
ಜನ್ ಜಾತೀಯ ಗೌರವ ದಿವಸ್ :
ಬಿರ್ಸಾ ಮುಂಡಾ ಅವರಿಗೆ ನಮನ
ಬೆಂ.ಗ್ರಾ.: ಅಪ್ರತಿಮ ಸ್ವಾತಂತ್ರ್ಯ ಹೋರಾಟಗಾರ ಬಿರ್ಸಾ ಮುಂಡಾ ಅವರು ಆದಿವಾಸಿ ಜನರ ಹಕ್ಕುಗಳಿಗಾಗಿ ಹೋರಾಡಿದ ಮಹಾನ್ ನಾಯಕ ಎಂದು ಜಿಲ್ಲಾಧಿಕಾರಿ ಹೇಳಿದರು. ಜನ್ ಜಾತೀಯ ಗೌರವ ದಿವಸ್ ಅಂಗವಾಗಿ ಜಿಲ್ಲಾಡಳಿತ ಭವನದಲ್ಲಿ ಏರ್ಪಡಿಸಿದ್ದ ಕಾರ್ಯಕ್ರಮದಲ್ಲಿ ಬಿರ್ಸಾ ಮುಂಡಾ ಅವರ ಭಾವಚಿತ್ರಕ್ಕೆ ಪುಷ್ಪನಮನ ಸಲ್ಲಿಸಿ ಮಾತನಾಡಿದರು. ಬ್ರಿಟಿಷ್ ಆಡಳಿತದ ವಿರುದ್ಧ ಉಲ್ಗುಲಾನ್ ಚಳವಳಿ ನಡೆಸಿದ ಬಿರ್ಸಾ ಮುಂಡಾ ಅವರು 1890 ರ ದಶಕದಲ್ಲಿ ಬುಡಕಟ್ಟು ಜನರನ್ನು ಸಂಘಟಿಸಿದರು. 25ನೇ ವಯಸ್ಸಿನಲ್ಲೇ ಪ್ರಾಣ ತ್ಯಾಗ ಮಾಡಿದ ಅವರು 'ಧರ್ತಿ ಆಬಾ' ಎಂದೇ ಖ್ಯಾತರು. ಬುಡಕಟ್ಟು ಸಮುದಾಯದ ಕಲೆ, ಸಂಸ್ಕೃತಿ, ಪರಂಪರೆಯನ್ನು ಉಳಿಸುವುದು ನಮ್ಮ ಕರ್ತವ್ಯ. ಪರಿಶಿಷ್ಟ ವರ್ಗಗಳ ಕಲ್ಯಾಣ ಇಲಾಖೆ ಅಧಿಕಾರಿಗಳು, ಸಮುದಾಯದ ಮುಖಂಡರು ಉಪಸ್ಥಿತರಿದ್ದರು. ಸರ್ಕಾರ ಬುಡಕಟ್ಟು ಜನರ ಅಭಿವೃದ್ಧಿಗೆ ಹಲವು ಯೋಜನೆ ಜಾರಿಗೊಳಿಸಿದೆ. ಶಿಕ್ಷಣ, ಆರೋಗ್ಯ, ವಸತಿ ಸೌಲಭ್ಯ ಕಲ್ಪಿಸಲಾಗುತ್ತಿದೆ ಎಂದು ತಿಳಿಸಿದರು.
ಭಾರತೀಯರು ಲಿಬಿಯಾ ದೇಶಕ್ಕೆ ತೆರಳಲು ಪ್ರಯಾಣ
ನಿರ್ಬಂಧವನ್ನು ಸಡಿಲಗೊಳಿಸಿದೆ: ಡಾ.ಆರತಿ ಕೃಷ್ಣ
ಬೆಂಗಳೂರು: ಭಾರತೀಯರು ಲಿಬಿಯಾ ದೇಶಕ್ಕೆ ತೆರಳಲು ಪ್ರಯಾಣ ನಿರ್ಬಂಧವನ್ನು ಕೇಂದ್ರ ಸರ್ಕಾರ ಸಡಿಲಗೊಳಿಸಿದೆ ಎಂದು ಕರ್ನಾಟಕ ಸರ್ಕಾರದ ಅನಿವಾಸಿ ಭಾರತೀಯ ಸಮಿತಿಯ ಉಪಾಧ್ಯಕ್ಷೆ ಡಾ.ಆರತಿ ಕೃಷ್ಣ ತಿಳಿಸಿದರು. 2011ರಲ್ಲಿ ಲಿಬಿಯಾದಲ್ಲಿ ನಡೆದ ಆಂತರಿಕ ಸಂಘರ್ಷದ ಹಿನ್ನೆಲೆಯಲ್ಲಿ ಭಾರತೀಯರ ಸುರಕ್ಷತೆ ದೃಷ್ಟಿಯಿಂದ ಪ್ರಯಾಣ ನಿರ್ಬಂಧ ವಿಧಿಸಲಾಗಿತ್ತು. ನಂತರ 2016ರಲ್ಲಿ ಸಂಪೂರ್ಣ ನಿಷೇಧ ಹೇರಲಾಗಿತ್ತು. ಇದರಿಂದ ಉದ್ಯೋಗಕ್ಕಾಗಿ ತೆರಳುವ ಬಯಸುವ ಸಾವಿರಾರು ಜನರಿಗೆ ತೊಂದರೆಯಾಗಿತ್ತು. ಲಿಬಿಯಾದಲ್ಲಿ ಪರಿಸ್ಥಿತಿ ಸುಧಾರಿಸಿರುವ ಹಿನ್ನೆಲೆಯಲ್ಲಿ ವಿದೇಶಾಂಗ ಸಚಿವಾಲಯ ನಿರ್ಬಂಧ ತೆರವುಗೊಳಿಸಿದೆ. ತೈಲ, ನಿರ್ಮಾಣ, ಆರೋಗ್ಯ ಕ್ಷೇತ್ರಗಳಲ್ಲಿ ಭಾರತೀಯರಿಗೆ ಉದ್ಯೋಗಾವಕಾಶಗಳಿವೆ. ವಿದೇಶಕ್ಕೆ ತೆರಳುವ ಮುನ್ನ ಅಧಿಕೃತ ನೇಮಕಾತಿ ಏಜೆನ್ಸಿಗಳ ಮೂಲಕವೇ ಉದ್ಯೋಗ ಪಡೆಯಬೇಕು. ನಕಲಿ ಏಜೆಂಟರ ಬಗ್ಗೆ ಎಚ್ಚರ ವಹಿಸಬೇಕು. ಭಾರತೀಯ ರಾಯಭಾರ ಕಚೇರಿಯಲ್ಲಿ ನೋಂದಣಿ ಮಾಡಿಕೊಳ್ಳಬೇಕು. ಇ-ಮೈಗ್ರೇಟ್ ಪೋರ್ಟಲ್ ಮೂಲಕ ಅರ್ಜಿ ಸಲ್ಲಿಸಬೇಕು ಎಂದು ಸಲಹೆ ನೀಡಿದರು. ಅನಿವಾಸಿ ಕನ್ನಡಿಗರ ಸಮಸ್ಯೆಗಳ ಪರಿಹಾರಕ್ಕೆ ಸಮಿತಿ ಸದಾ ಸಿದ್ಧವಿದೆ. ಸಂಕಷ್ಟದಲ್ಲಿರುವ ಕನ್ನಡಿಗರಿಗೆ ನೆರವು ನೀಡಲಾಗುತ್ತಿದೆ. ಸಮಿತಿಯ ಸದಸ್ಯರು, ಅಧಿಕಾರಿಗಳು ಸುದ್ದಿಗೋಷ್ಠಿಯಲ್ಲಿ ಉಪಸ್ಥಿತರಿದ್ದರು. ಕೇಂದ್ರ ಸರ್ಕಾರದ ಕ್ರಮವನ್ನು ಸ್ವಾಗತಿಸಿದ ಅವರು, ವಿದೇಶಾಂಗ ಸಚಿವರಿಗೆ ಕೃತಜ್ಞತೆ ಸಲ್ಲಿಸಿದರು. ಗಲ್ಫ್ ರಾಷ್ಟ್ರಗಳಲ್ಲಿ ಉದ್ಯೋಗದಲ್ಲಿರುವ ಕನ್ನಡಿಗರ ಹಿತರಕ್ಷಣೆಗೆ ಸಮಿತಿ ಬದ್ಧವಾಗಿದೆ ಎಂದು ಹೇಳಿದರು.
ಭಾರತೀಯರು ಲಿಬಿಯಾ ದೇಶಕ್ಕೆ ತೆರಳಲು ಪ್ರಯಾಣ ನಿರ್ಬಂಧವನ್ನು ಕೇಂದ್ರ ಸರ್ಕಾರ ಸಡಿಲಗೊಳಿಸಿದೆ ಎಂದು ಕರ್ನಾಟಕ ಸರ್ಕಾರದ ಅನಿವಾಸಿ ಭಾರತೀಯ ಸಮಿತಿಯ ಉಪಾಧ್ಯಕ್ಷೆ ಡಾ.ಆರತಿ ಕೃಷ್ಣ ತಿಳಿಸಿದರು. 2011ರಲ್ಲಿ ಲಿಬಿಯಾದಲ್ಲಿ ನಡೆದ ಆಂತರಿಕ ಸಂಘರ್ಷದ ಹಿನ್ನೆಲೆಯಲ್ಲಿ ಭಾರತೀಯರ ಸುರಕ್ಷತೆ ದೃಷ್ಟಿಯಿಂದ ಪ್ರಯಾಣ ನಿರ್ಬಂಧ ವಿಧಿಸಲಾಗಿತ್ತು. ನಂತರ 2016ರಲ್ಲಿ ಸಂಪೂರ್ಣ ನಿಷೇಧ ಹೇರಲಾಗಿತ್ತು. ಇದರಿಂದ ಉದ್ಯೋಗಕ್ಕಾಗಿ ತೆರಳುವ ಬಯಸುವ ಸಾವಿರಾರು ಜನರಿಗೆ ತೊಂದರೆಯಾಗಿತ್ತು. ಲಿಬಿಯಾದಲ್ಲಿ ಪರಿಸ್ಥಿತಿ ಸುಧಾರಿಸಿರುವ ಹಿನ್ನೆಲೆಯಲ್ಲಿ ವಿದೇಶಾಂಗ ಸಚಿವಾಲಯ ನಿರ್ಬಂಧ ತೆರವುಗೊಳಿಸಿದೆ. ತೈಲ, ನಿರ್ಮಾಣ, ಆರೋಗ್ಯ ಕ್ಷೇತ್ರಗಳಲ್ಲಿ ಭಾರತೀಯರಿಗೆ ಉದ್ಯೋಗಾವಕಾಶಗಳಿವೆ. ವಿದೇಶಕ್ಕೆ ತೆರಳುವ ಮುನ್ನ ಅಧಿಕೃತ ನೇಮಕಾತಿ ಏಜೆನ್ಸಿಗಳ ಮೂಲಕವೇ ಉದ್ಯೋಗ ಪಡೆಯಬೇಕು. ನಕಲಿ ಏಜೆಂಟರ ಬಗ್ಗೆ ಎಚ್ಚರ ವಹಿಸಬೇಕು. ಭಾರತೀಯ ರಾಯಭಾರ ಕಚೇರಿಯಲ್ಲಿ ನೋಂದಣಿ ಮಾಡಿಕೊಳ್ಳಬೇಕು. ಇ-ಮೈಗ್ರೇಟ್ ಪೋರ್ಟಲ್ ಮೂಲಕ ಅರ್ಜಿ ಸಲ್ಲಿಸಬೇಕು ಎಂದು ಸಲಹೆ ನೀಡಿದರು. ಅನಿವಾಸಿ ಕನ್ನಡಿಗರ ಸಮಸ್ಯೆಗಳ ಪರಿಹಾರಕ್ಕೆ ಸಮಿತಿ ಸದಾ ಸಿದ್ಧವಿದೆ. ಸಂಕಷ್ಟದಲ್ಲಿರುವ ಕನ್ನಡಿಗರಿಗೆ ನೆರವು ನೀಡಲಾಗುತ್ತಿದೆ. ಸಮಿತಿಯ ಸದಸ್ಯರು, ಅಧಿಕಾರಿಗಳು ಸುದ್ದಿಗೋಷ್ಠಿಯಲ್ಲಿ ಉಪಸ್ಥಿತರಿದ್ದರು. ಕೇಂದ್ರ ಸರ್ಕಾರದ ಕ್ರಮವನ್ನು ಸ್ವಾಗತಿಸಿದ ಅವರು, ವಿದೇಶಾಂಗ ಸಚಿವರಿಗೆ ಕೃತಜ್ಞತೆ ಸಲ್ಲಿಸಿದರು. ಗಲ್ಫ್ ರಾಷ್ಟ್ರಗಳಲ್ಲಿ ಉದ್ಯೋಗದಲ್ಲಿರುವ ಕನ್ನಡಿಗರ ಹಿತರಕ್ಷಣೆಗೆ ಸಮಿತಿ ಬದ್ಧವಾಗಿದೆ ಎಂದು ಹೇಳಿದರು.
ಭಾರತೀಯರು ಲಿಬಿಯಾ ದೇಶಕ್ಕೆ ತೆರಳಲು ಪ್ರಯಾಣ ನಿರ್ಬಂಧವನ್ನು ಕೇಂದ್ರ ಸರ್ಕಾರ ಸಡಿಲಗೊಳಿಸಿದೆ ಎಂದು ಕರ್ನಾಟಕ ಸರ್ಕಾರದ ಅನಿವಾಸಿ ಭಾರತೀಯ ಸಮಿತಿಯ ಉಪಾಧ್ಯಕ್ಷೆ ಡಾ.ಆರತಿ ಕೃಷ್ಣ ತಿಳಿಸಿದರು. 2011ರಲ್ಲಿ ಲಿಬಿಯಾದಲ್ಲಿ ನಡೆದ ಆಂತರಿಕ ಸಂಘರ್ಷದ ಹಿನ್ನೆಲೆಯಲ್ಲಿ ಭಾರತೀಯರ ಸುರಕ್ಷತೆ ದೃಷ್ಟಿಯಿಂದ ಪ್ರಯಾಣ ನಿರ್ಬಂಧ ವಿಧಿಸಲಾಗಿತ್ತು. ನಂತರ 2016ರಲ್ಲಿ ಸಂಪೂರ್ಣ ನಿಷೇಧ ಹೇರಲಾಗಿತ್ತು. ಇದರಿಂದ ಉದ್ಯೋಗಕ್ಕಾಗಿ ತೆರಳುವ ಬಯಸುವ ಸಾವಿರಾರು ಜನರಿಗೆ ತೊಂದರೆಯಾಗಿತ್ತು. ಲಿಬಿಯಾದಲ್ಲಿ ಪರಿಸ್ಥಿತಿ ಸುಧಾರಿಸಿರುವ ಹಿನ್ನೆಲೆಯಲ್ಲಿ ವಿದೇಶಾಂಗ ಸಚಿವಾಲಯ ನಿರ್ಬಂಧ ತೆರವುಗೊಳಿಸಿದೆ. ತೈಲ, ನಿರ್ಮಾಣ, ಆರೋಗ್ಯ ಕ್ಷೇತ್ರಗಳಲ್ಲಿ ಭಾರತೀಯರಿಗೆ ಉದ್ಯೋಗಾವಕಾಶಗಳಿವೆ. ವಿದೇಶಕ್ಕೆ ತೆರಳುವ ಮುನ್ನ ಅಧಿಕೃತ ನೇಮಕಾತಿ ಏಜೆನ್ಸಿಗಳ ಮೂಲಕವೇ ಉದ್ಯೋಗ ಪಡೆಯಬೇಕು. ನಕಲಿ ಏಜೆಂಟರ ಬಗ್ಗೆ ಎಚ್ಚರ ವಹಿಸಬೇಕು. ಭಾರತೀಯ ರಾಯಭಾರ ಕಚೇರಿಯಲ್ಲಿ ನೋಂದಣಿ ಮಾಡಿಕೊಳ್ಳಬೇಕು. ಇ-ಮೈಗ್ರೇಟ್ ಪೋರ್ಟಲ್ ಮೂಲಕ ಅರ್ಜಿ ಸಲ್ಲಿಸಬೇಕು ಎಂದು ಸಲಹೆ ನೀಡಿದರು. ಅನಿವಾಸಿ ಕನ್ನಡಿಗರ ಸಮಸ್ಯೆಗಳ ಪರಿಹಾರಕ್ಕೆ ಸಮಿತಿ ಸದಾ ಸಿದ್ಧವಿದೆ. ಸಂಕಷ್ಟದಲ್ಲಿರುವ ಕನ್ನಡಿಗರಿಗೆ ನೆರವು ನೀಡಲಾಗುತ್ತಿದೆ. ಸಮಿತಿಯ ಸದಸ್ಯರು, ಅಧಿಕಾರಿಗಳು ಸುದ್ದಿಗೋಷ್ಠಿಯಲ್ಲಿ ಉಪಸ್ಥಿತರಿದ್ದರು. ಕೇಂದ್ರ ಸರ್ಕಾರದ ಕ್ರಮವನ್ನು ಸ್ವಾಗತಿಸಿದ ಅವರು, ವಿದೇಶಾಂಗ ಸಚಿವರಿಗೆ ಕೃತಜ್ಞತೆ ಸಲ್ಲಿಸಿದರು. ಗಲ್ಫ್ ರಾಷ್ಟ್ರಗಳಲ್ಲಿ ಉದ್ಯೋಗದಲ್ಲಿರುವ ಕನ್ನಡಿಗರ ಹಿತರಕ್ಷಣೆಗೆ ಸಮಿತಿ ಬದ್ಧವಾಗಿದೆ ಎಂದು ಹೇಳಿದರು.
ಭಾರತೀಯ ರಿಸರ್ವ್ ಬ್ಯಾಂಕ್ 90ನೇ ವಾರ್ಷಿಕೋತ್ಸವ: ಕ್ವಿಜ್ ನೋಂದಣಿ ಆಹ್ವಾನ
ಬೆಂಗಳೂರು: ಭಾರತೀಯ ರಿಸರ್ವ್ ಬ್ಯಾಂಕ್ ಆರ್‌ಬಿಐ ತನ್ನ 90ನೇ ವಾರ್ಷಿಕೋತ್ಸವದ ಅಂಗವಾಗಿ ದೇಶಾದ್ಯಂತ ಪದವಿಪೂರ್ವ ವಿದ್ಯಾರ್ಥಿಗಳಿಗಾಗಿ ಆರ್‌ಬಿಐ90 ಕ್ವಿಜ್ ಸ್ಪರ್ಧೆ ಆಯೋಜಿಸಿದೆ. ಸ್ಪರ್ಧೆಯಲ್ಲಿ ಭಾಗವಹಿಸಲು ವಿದ್ಯಾರ್ಥಿಗಳು ಆನ್‌ಲೈನ್ ಮೂಲಕ ನೋಂದಣಿ ಮಾಡಿಕೊಳ್ಳಬಹುದು. ಆನ್‌ಲೈನ್ ಸುತ್ತು, ರಾಜ್ಯ ಮಟ್ಟ, ವಲಯ ಮಟ್ಟ ಹಾಗೂ ರಾಷ್ಟ್ರಮಟ್ಟದ ಸುತ್ತುಗಳಿರುತ್ತವೆ. ಪ್ರಥಮ ಬಹುಮಾನ 10 ಲಕ್ಷ ರೂ., ದ್ವಿತೀಯ 8 ಲಕ್ಷ ರೂ., ತೃತೀಯ 6 ಲಕ್ಷ ರೂ. ನಿಗದಿಪಡಿಸಲಾಗಿದೆ. ರಾಜ್ಯ ಮಟ್ಟದ ವಿಜೇತರಿಗೂ ಬಹುಮಾನವಿದೆ. ಇಬ್ಬರು ವಿದ್ಯಾರ್ಥಿಗಳ ತಂಡವಾಗಿ ಭಾಗವಹಿಸಬೇಕು. ಒಂದೇ ಕಾಲೇಜಿನ ವಿದ್ಯಾರ್ಥಿಗಳಾಗಿರಬೇಕು. ಹೆಚ್ಚಿನ ಮಾಹಿತಿಗಾಗಿ ವೆಬ್‌ಸೈಟ್ ಸಂಪರ್ಕಿಸಬಹುದು ಎಂದು ಪ್ರಕಟಣೆ ತಿಳಿಸಿದೆ.
ಡೇರಿಗೆ ಅವಿರೋಧ ಆಯ್ಕೆ
ಮಂಡ್ಯ: ತಾಲ್ಲೂಕಿನ ಗ್ರಾಮದ ಹಾಲು ಉತ್ಪಾದಕರ ಸಹಕಾರ ಸಂಘದ ಆಡಳಿತ ಮಂಡಳಿಗೆ ನಡೆದ ಚುನಾವಣೆಯಲ್ಲಿ ಅಧ್ಯಕ್ಷ, ಉಪಾಧ್ಯಕ್ಷ ಹಾಗೂ ನಿರ್ದೇಶಕರ ಸ್ಥಾನಗಳಿಗೆ ಅವಿರೋಧ ಆಯ್ಕೆ ನಡೆಯಿತು. ಚುನಾವಣಾಧಿಕಾರಿ ಫಲಿತಾಂಶ ಘೋಷಿಸಿದರು. ನೂತನ ಪದಾಧಿಕಾರಿಗಳನ್ನು ಗ್ರಾಮಸ್ಥರು ಅಭಿನಂದಿಸಿದರು. ಸಂಘದ ಅಭಿವೃದ್ಧಿಗೆ ಶ್ರಮಿಸುವುದಾಗಿ ಅಧ್ಯಕ್ಷರು ಭರವಸೆ ನೀಡಿದರು.
ವಾರಸುದಾರರ ಪತ್ತೆಗಾಗಿ
ಮಂಡ್ಯ: ಶ್ರೀರಂಗಪಟ್ಟಣ ತಾಲ್ಲೂಕಿನ ಕಾವೇರಿ ನದಿಯಲ್ಲಿ ಅಪರಿಚಿತ ವ್ಯಕ್ತಿಯ ಶವ ಪತ್ತೆಯಾಗಿದ್ದು ವಾರಸುದಾರರ ಪತ್ತೆಗೆ ಪೊಲೀಸರು ಮನವಿ ಮಾಡಿದ್ದಾರೆ. ಮೃತನ ವಯಸ್ಸು ಸುಮಾರು 45 ರಿಂದ 50 ವರ್ಷ, 5.6 ಅಡಿ ಎತ್ತರ, ಸಾಧಾರಣ ಮೈಕಟ್ಟು, ಗೋಧಿ ಮೈಬಣ್ಣ ಹೊಂದಿದ್ದಾನೆ. ಮೈಮೇಲೆ ಬಿಳಿ ಶರ್ಟ್, ನೀಲಿ ಬಣ್ಣದ ಪ್ಯಾಂಟ್ ಧರಿಸಿದ್ದಾನೆ. ಮಾಹಿತಿ ಇದ್ದಲ್ಲಿ ಠಾಣೆಯನ್ನು ಸಂಪರ್ಕಿಸಬಹುದು. ಫೋನ್: 08232-224888/224500, 08236-252016/252305, 9480804857 ನ್ನು ಸಂಪರ್ಕಿಸಬಹುದು ಎಂದು ಪೊಲೀಸ್ ಪ್ರಕಟಣೆ ತಿಳಿಸಿದೆ.
ತರಬೇತಿ ಶಿಬಿರಕ್ಕೆ ಅರ್ಜಿ ಆಹ್ವಾನ
ಚಿಕ್ಕಬಳ್ಳಾಪುರ: 2024-25ನೇ ಸಾಲಿನ ಯುವ ಸಬಲೀಕರಣ ಮತ್ತು ಕ್ರೀಡಾ ಇಲಾಖೆ ವತಿಯಿಂದ ಯುವಜನರಿಗಾಗಿ ವಿವಿಧ ತರಬೇತಿ ಶಿಬಿರ ಆಯೋಜಿಸಲಾಗಿದ್ದು ಅರ್ಹರಿಂದ ಅರ್ಜಿ ಆಹ್ವಾನಿಸಲಾಗಿದೆ. ಪರ್ವತಾರೋಹಣ ತರಬೇತಿ ಶಿಬಿರ (20 ದಿನಗಳು), ಸಾಹಸ ಕ್ರೀಡಾ ತರಬೇತಿ ಶಿಬಿರ (12 ದಿನಗಳು) ಮತ್ತು ಟ್ರೆಕ್ಕಿಂಗ್ ತರಬೇತಿ ಶಿಬಿರ (15 ದಿನಗಳು) ನಡೆಯಲಿವೆ. ಆಸಕ್ತರು ನವೆಂಬರ್ 28 ರೊಳಗೆ ಅರ್ಜಿ ಸಲ್ಲಿಸಬೇಕು. 18 ರಿಂದ 35 ವರ್ಷ ವಯೋಮಿತಿಯವರು ಅರ್ಹರು. ಹೆಚ್ಚಿನ ಮಾಹಿತಿಗಾಗಿ ಜಿಲ್ಲಾ ಕ್ರೀಡಾಂಗಣ ಕಚೇರಿ ಸಂಪರ್ಕಿಸಬಹುದು. ಫೋನ್: 08156-270054, 8553124129 ಗೆ ಸಂಪರ್ಕಿಸಬಹುದು.
